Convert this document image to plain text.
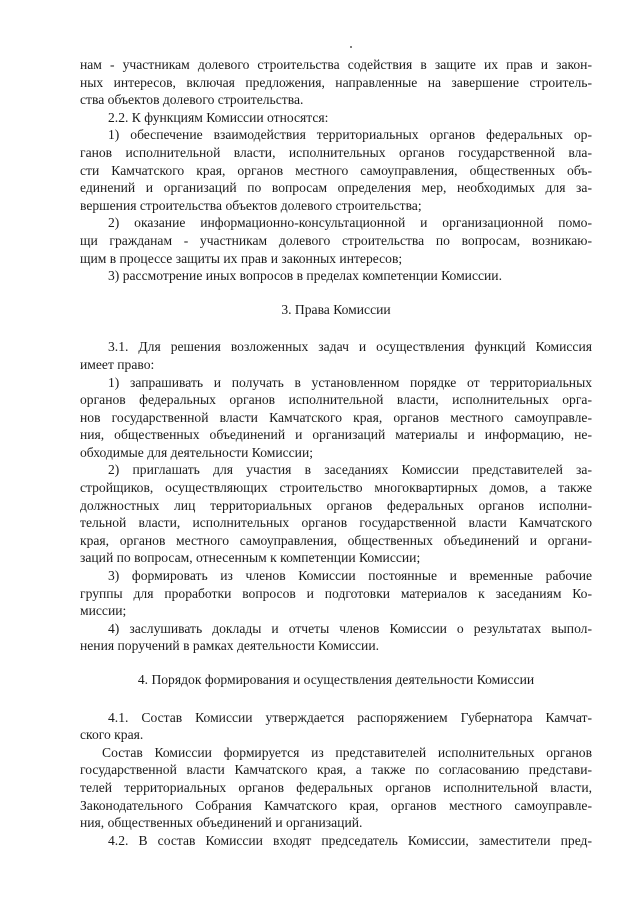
нам - участникам долевого строительства содействия в защите их прав и закон-
ных интересов, включая предложения, направленные на завершение строитель-
ства объектов долевого строительства.
2.2. К функциям Комиссии относятся:
1) обеспечение взаимодействия территориальных органов федеральных ор-
ганов исполнительной власти, исполнительных органов государственной вла-
сти Камчатского края, органов местного самоуправления, общественных объ-
единений и организаций по вопросам определения мер, необходимых для за-
вершения строительства объектов долевого строительства;
2) оказание информационно-консультационной и организационной помо-
щи гражданам - участникам долевого строительства по вопросам, возникаю-
щим в процессе защиты их прав и законных интересов;
3) рассмотрение иных вопросов в пределах компетенции Комиссии.
3. Права Комиссии
3.1. Для решения возложенных задач и осуществления функций Комиссия
имеет право:
1) запрашивать и получать в установленном порядке от территориальных
органов федеральных органов исполнительной власти, исполнительных орга-
нов государственной власти Камчатского края, органов местного самоуправле-
ния, общественных объединений и организаций материалы и информацию, не-
обходимые для деятельности Комиссии;
2) приглашать для участия в заседаниях Комиссии представителей за-
стройщиков, осуществляющих строительство многоквартирных домов, а также
должностных лиц территориальных органов федеральных органов исполни-
тельной власти, исполнительных органов государственной власти Камчатского
края, органов местного самоуправления, общественных объединений и органи-
заций по вопросам, отнесенным к компетенции Комиссии;
3) формировать из членов Комиссии постоянные и временные рабочие
группы для проработки вопросов и подготовки материалов к заседаниям Ко-
миссии;
4) заслушивать доклады и отчеты членов Комиссии о результатах выпол-
нения поручений в рамках деятельности Комиссии.
4. Порядок формирования и осуществления деятельности Комиссии
4.1. Состав Комиссии утверждается распоряжением Губернатора Камчат-
ского края.
Состав Комиссии формируется из представителей исполнительных органов
государственной власти Камчатского края, а также по согласованию представи-
телей территориальных органов федеральных органов исполнительной власти,
Законодательного Собрания Камчатского края, органов местного самоуправле-
ния, общественных объединений и организаций.
4.2. В состав Комиссии входят председатель Комиссии, заместители пред-
